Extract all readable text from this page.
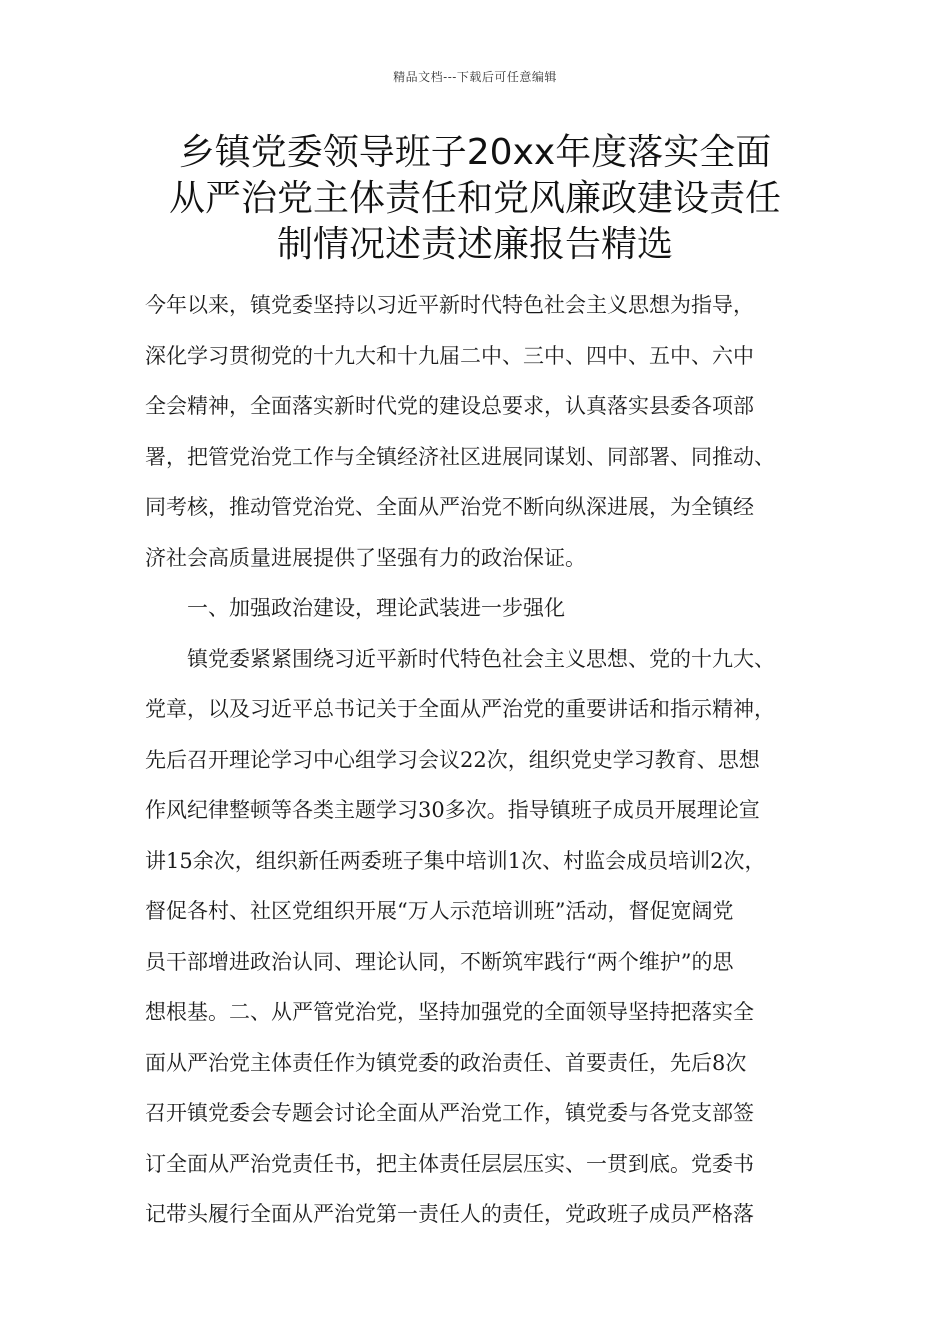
精品文档---下载后可任意编辑
乡镇党委领导班子20xx年度落实全面
从严治党主体责任和党风廉政建设责任
制情况述责述廉报告精选
今年以来，镇党委坚持以习近平新时代特色社会主义思想为指导，
深化学习贯彻党的十九大和十九届二中、三中、四中、五中、六中
全会精神，全面落实新时代党的建设总要求，认真落实县委各项部
署，把管党治党工作与全镇经济社区进展同谋划、同部署、同推动、
同考核，推动管党治党、全面从严治党不断向纵深进展，为全镇经
济社会高质量进展提供了坚强有力的政治保证。
一、加强政治建设，理论武装进一步强化
镇党委紧紧围绕习近平新时代特色社会主义思想、党的十九大、
党章，以及习近平总书记关于全面从严治党的重要讲话和指示精神，
先后召开理论学习中心组学习会议22次，组织党史学习教育、思想
作风纪律整顿等各类主题学习30多次。指导镇班子成员开展理论宣
讲15余次，组织新任两委班子集中培训1次、村监会成员培训2次，
督促各村、社区党组织开展“万人示范培训班”活动，督促宽阔党
员干部增进政治认同、理论认同，不断筑牢践行“两个维护”的思
想根基。二、从严管党治党，坚持加强党的全面领导坚持把落实全
面从严治党主体责任作为镇党委的政治责任、首要责任，先后8次
召开镇党委会专题会讨论全面从严治党工作，镇党委与各党支部签
订全面从严治党责任书，把主体责任层层压实、一贯到底。党委书
记带头履行全面从严治党第一责任人的责任，党政班子成员严格落
